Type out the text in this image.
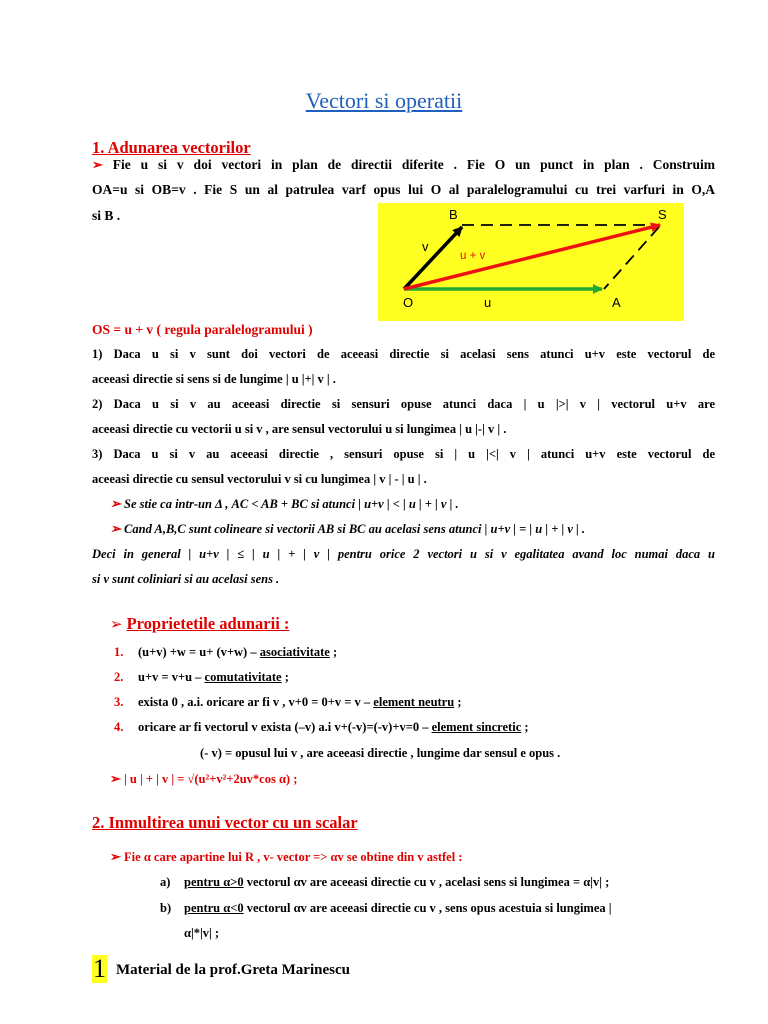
Vectori si operatii
1. Adunarea vectorilor
➢ Fie u si v doi vectori in plan de directii diferite . Fie O un punct in plan . Construim
OA=u si OB=v . Fie S un al patrulea varf opus lui O al paralelogramului cu trei varfuri in O,A
si B .	B	S
v
u + v
O	u	A
OS = u + v ( regula paralelogramului )
1) Daca u si v sunt doi vectori de aceeasi directie si acelasi sens atunci u+v este vectorul de
aceeasi directie si sens si de lungime | u |+| v | .
2) Daca u si v au aceeasi directie si sensuri opuse atunci daca | u |>| v | vectorul u+v are
aceeasi directie cu vectorii u si v , are sensul vectorului u si lungimea | u |-| v | .
3) Daca u si v au aceeasi directie , sensuri opuse si | u |<| v | atunci u+v este vectorul de
aceeasi directie cu sensul vectorului v si cu lungimea | v | - | u | .
➢ Se stie ca intr-un Δ , AC < AB + BC si atunci | u+v | < | u | + | v | .
➢ Cand A,B,C sunt colineare si vectorii AB si BC au acelasi sens atunci | u+v | = | u | + | v | .
Deci in general | u+v | ≤ | u | + | v | pentru orice 2 vectori u si v egalitatea avand loc numai daca u
si v sunt coliniari si au acelasi sens .
➢ Proprietetile adunarii :
1. (u+v) +w = u+ (v+w) – asociativitate ;
2. u+v = v+u – comutativitate ;
3. exista 0 , a.i. oricare ar fi v , v+0 = 0+v = v – element neutru ;
4. oricare ar fi vectorul v exista (–v) a.i v+(-v)=(-v)+v=0 – element sincretic ;
(- v) = opusul lui v , are aceeasi directie , lungime dar sensul e opus .
➢ | u | + | v | = √(u²+v²+2uv*cos α) ;
2. Inmultirea unui vector cu un scalar
➢ Fie α care apartine lui R , v- vector => αv se obtine din v astfel :
a) pentru α>0 vectorul αv are aceeasi directie cu v , acelasi sens si lungimea = α|v| ;
b) pentru α<0 vectorul αv are aceeasi directie cu v , sens opus acestuia si lungimea |
α|*|v| ;
1 Material de la prof.Greta Marinescu
